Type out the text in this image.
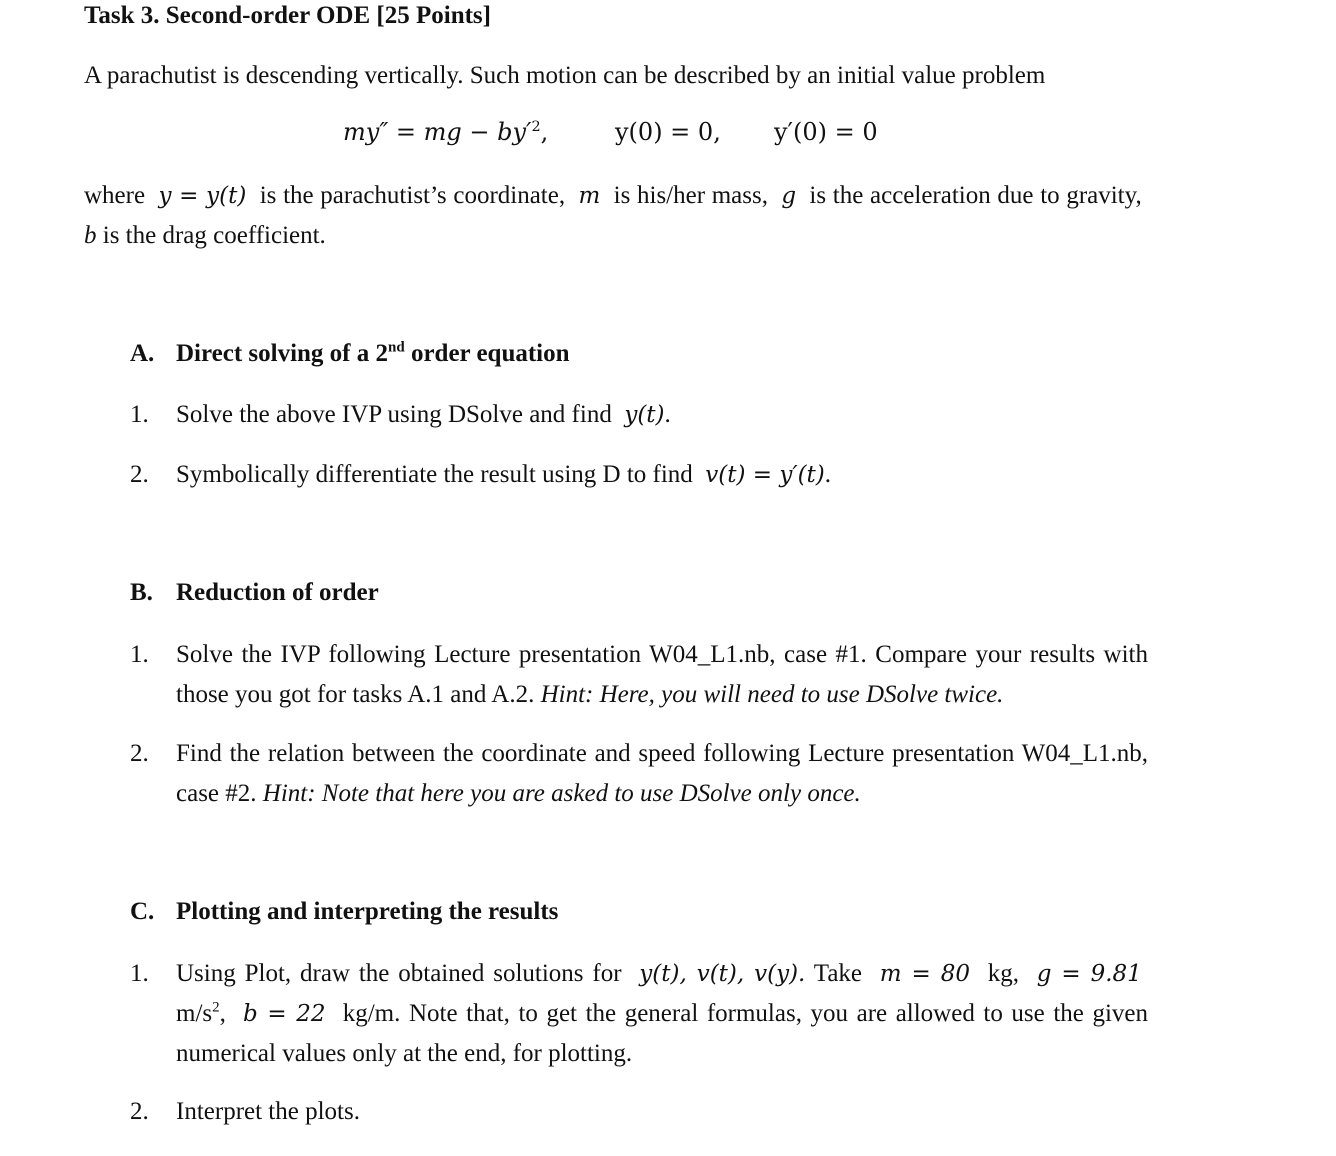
Task 3. Second-order ODE [25 Points]
A parachutist is descending vertically. Such motion can be described by an initial value problem
my″ = mg − $by'^2$,	y(0) = 0, y′(0) = 0
where y = y(t) is the parachutist’s coordinate, m is his/her mass, g is the acceleration due to gravity,  b is the drag coefficient.
A. Direct solving of a 2nd order equation
1. Solve the above IVP using DSolve and find y(t).
2. Symbolically differentiate the result using D to find v(t) = y′(t).
B. Reduction of order
1. Solve the IVP following Lecture presentation W04_L1.nb, case #1. Compare your results with those you got for tasks A.1 and A.2. Hint: Here, you will need to use DSolve twice.
2. Find the relation between the coordinate and speed following Lecture presentation W04_L1.nb, case #2. Hint: Note that here you are asked to use DSolve only once.
C. Plotting and interpreting the results
1. Using Plot, draw the obtained solutions for y(t), v(t), v(y). Take m = 80 kg, g = 9.81  $m/s^2$, b = 22 kg/m. Note that, to get the general formulas, you are allowed to use the given numerical values only at the end, for plotting.
2. Interpret the plots.
